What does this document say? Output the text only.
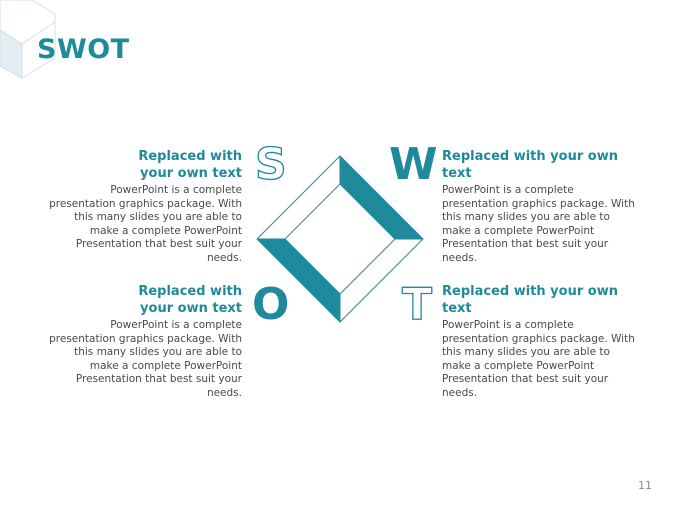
SWOT
Replaced with your own text
PowerPoint is a complete presentation graphics package. With this many slides you are able to make a complete PowerPoint Presentation that best suit your needs.
Replaced with your own text
PowerPoint is a complete presentation graphics package. With this many slides you are able to make a complete PowerPoint Presentation that best suit your needs.
Replaced with your own text
PowerPoint is a complete presentation graphics package. With this many slides you are able to make a complete PowerPoint Presentation that best suit your needs.
Replaced with your own text
PowerPoint is a complete presentation graphics package. With this many slides you are able to make a complete PowerPoint Presentation that best suit your needs.
S W
O	T
11
